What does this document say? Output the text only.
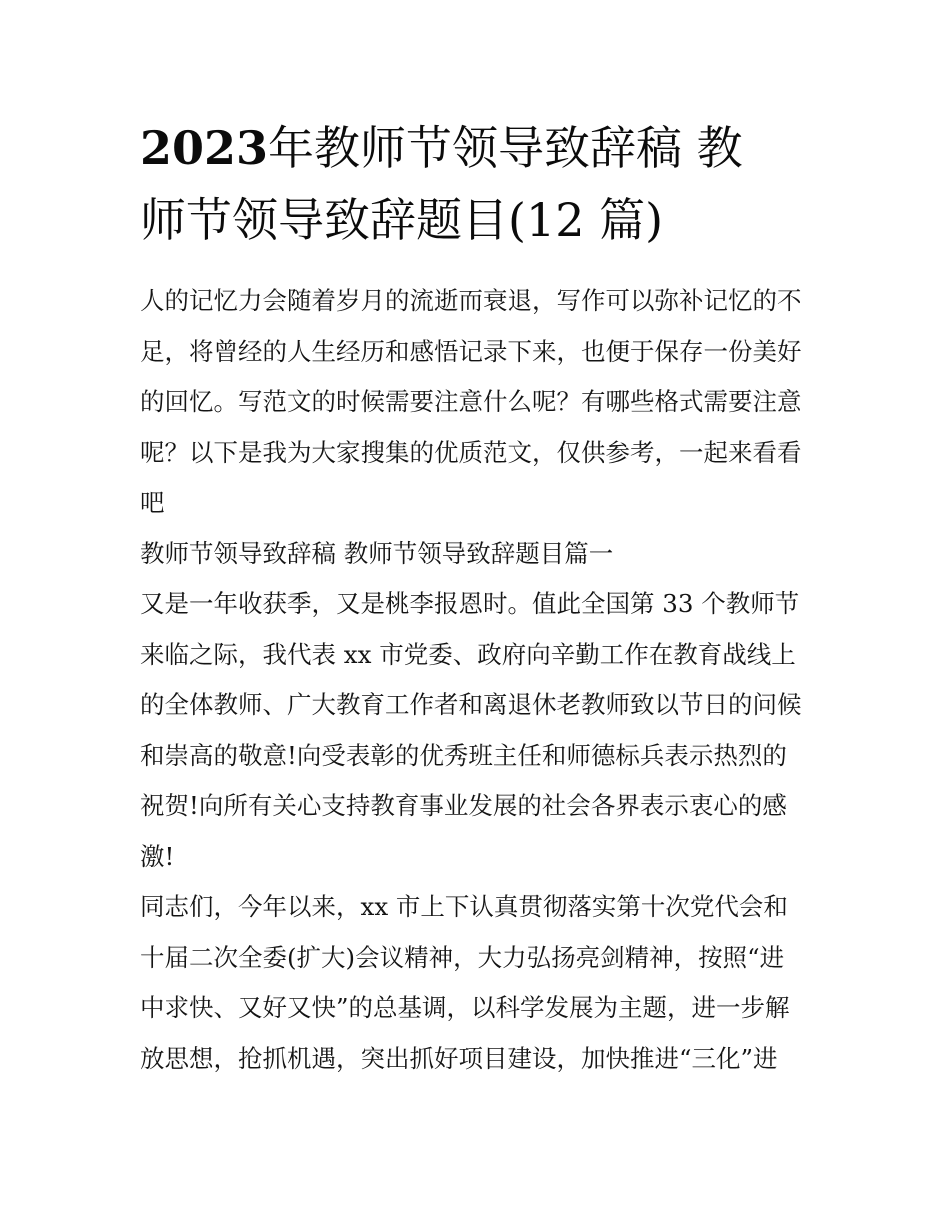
2023年教师节领导致辞稿 教
师节领导致辞题目(12 篇)
人的记忆力会随着岁月的流逝而衰退，写作可以弥补记忆的不
足，将曾经的人生经历和感悟记录下来，也便于保存一份美好
的回忆。写范文的时候需要注意什么呢？有哪些格式需要注意
呢？以下是我为大家搜集的优质范文，仅供参考，一起来看看
吧
教师节领导致辞稿 教师节领导致辞题目篇一
又是一年收获季，又是桃李报恩时。值此全国第 33 个教师节
来临之际，我代表 xx 市党委、政府向辛勤工作在教育战线上
的全体教师、广大教育工作者和离退休老教师致以节日的问候
和崇高的敬意!向受表彰的优秀班主任和师德标兵表示热烈的
祝贺!向所有关心支持教育事业发展的社会各界表示衷心的感
激!
同志们，今年以来，xx 市上下认真贯彻落实第十次党代会和
十届二次全委(扩大)会议精神，大力弘扬亮剑精神，按照“进
中求快、又好又快”的总基调，以科学发展为主题，进一步解
放思想，抢抓机遇，突出抓好项目建设，加快推进“三化”进
